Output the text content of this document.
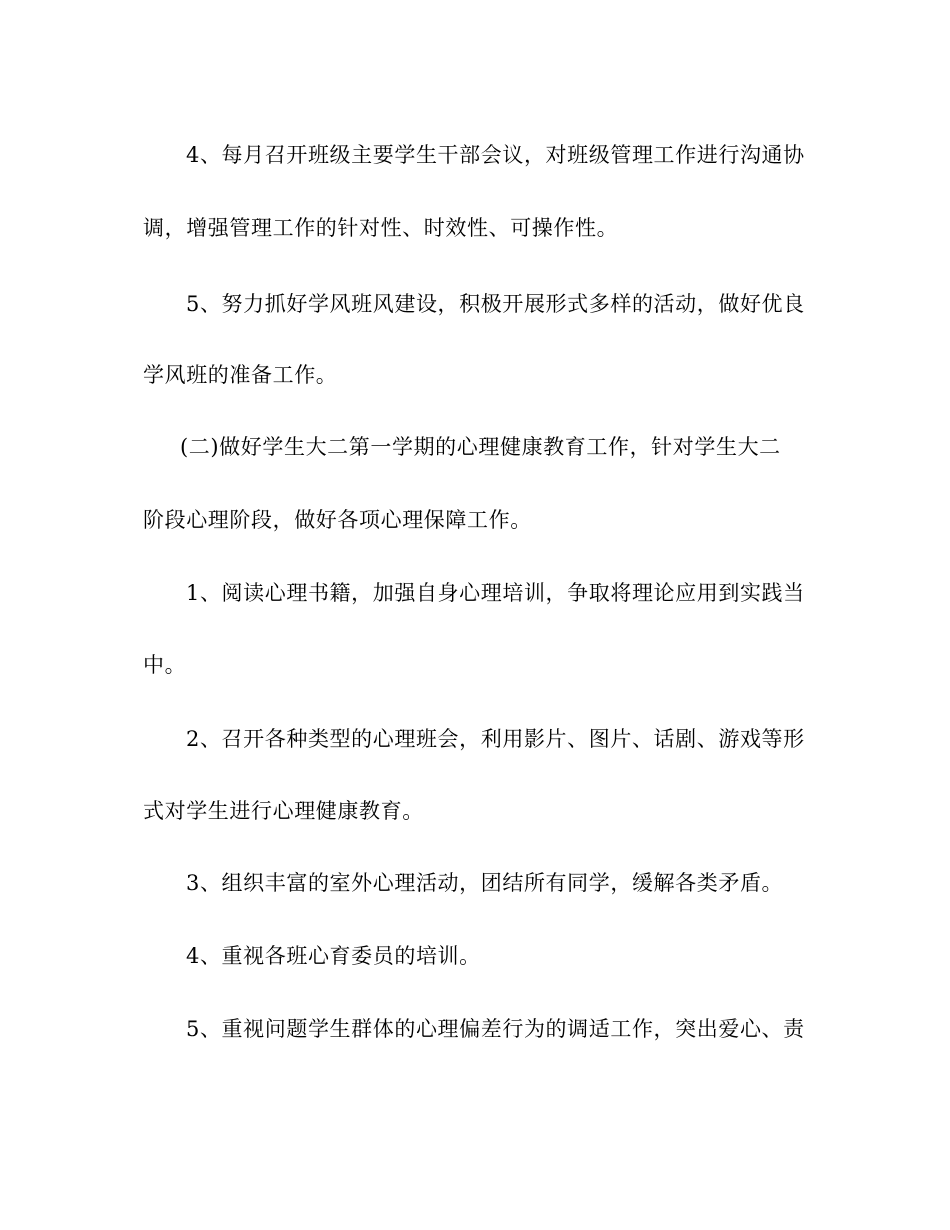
4、每月召开班级主要学生干部会议，对班级管理工作进行沟通协
调，增强管理工作的针对性、时效性、可操作性。
5、努力抓好学风班风建设，积极开展形式多样的活动，做好优良
学风班的准备工作。
(二)做好学生大二第一学期的心理健康教育工作，针对学生大二
阶段心理阶段，做好各项心理保障工作。
1、阅读心理书籍，加强自身心理培训，争取将理论应用到实践当
中。
2、召开各种类型的心理班会，利用影片、图片、话剧、游戏等形
式对学生进行心理健康教育。
3、组织丰富的室外心理活动，团结所有同学，缓解各类矛盾。
4、重视各班心育委员的培训。
5、重视问题学生群体的心理偏差行为的调适工作，突出爱心、责
